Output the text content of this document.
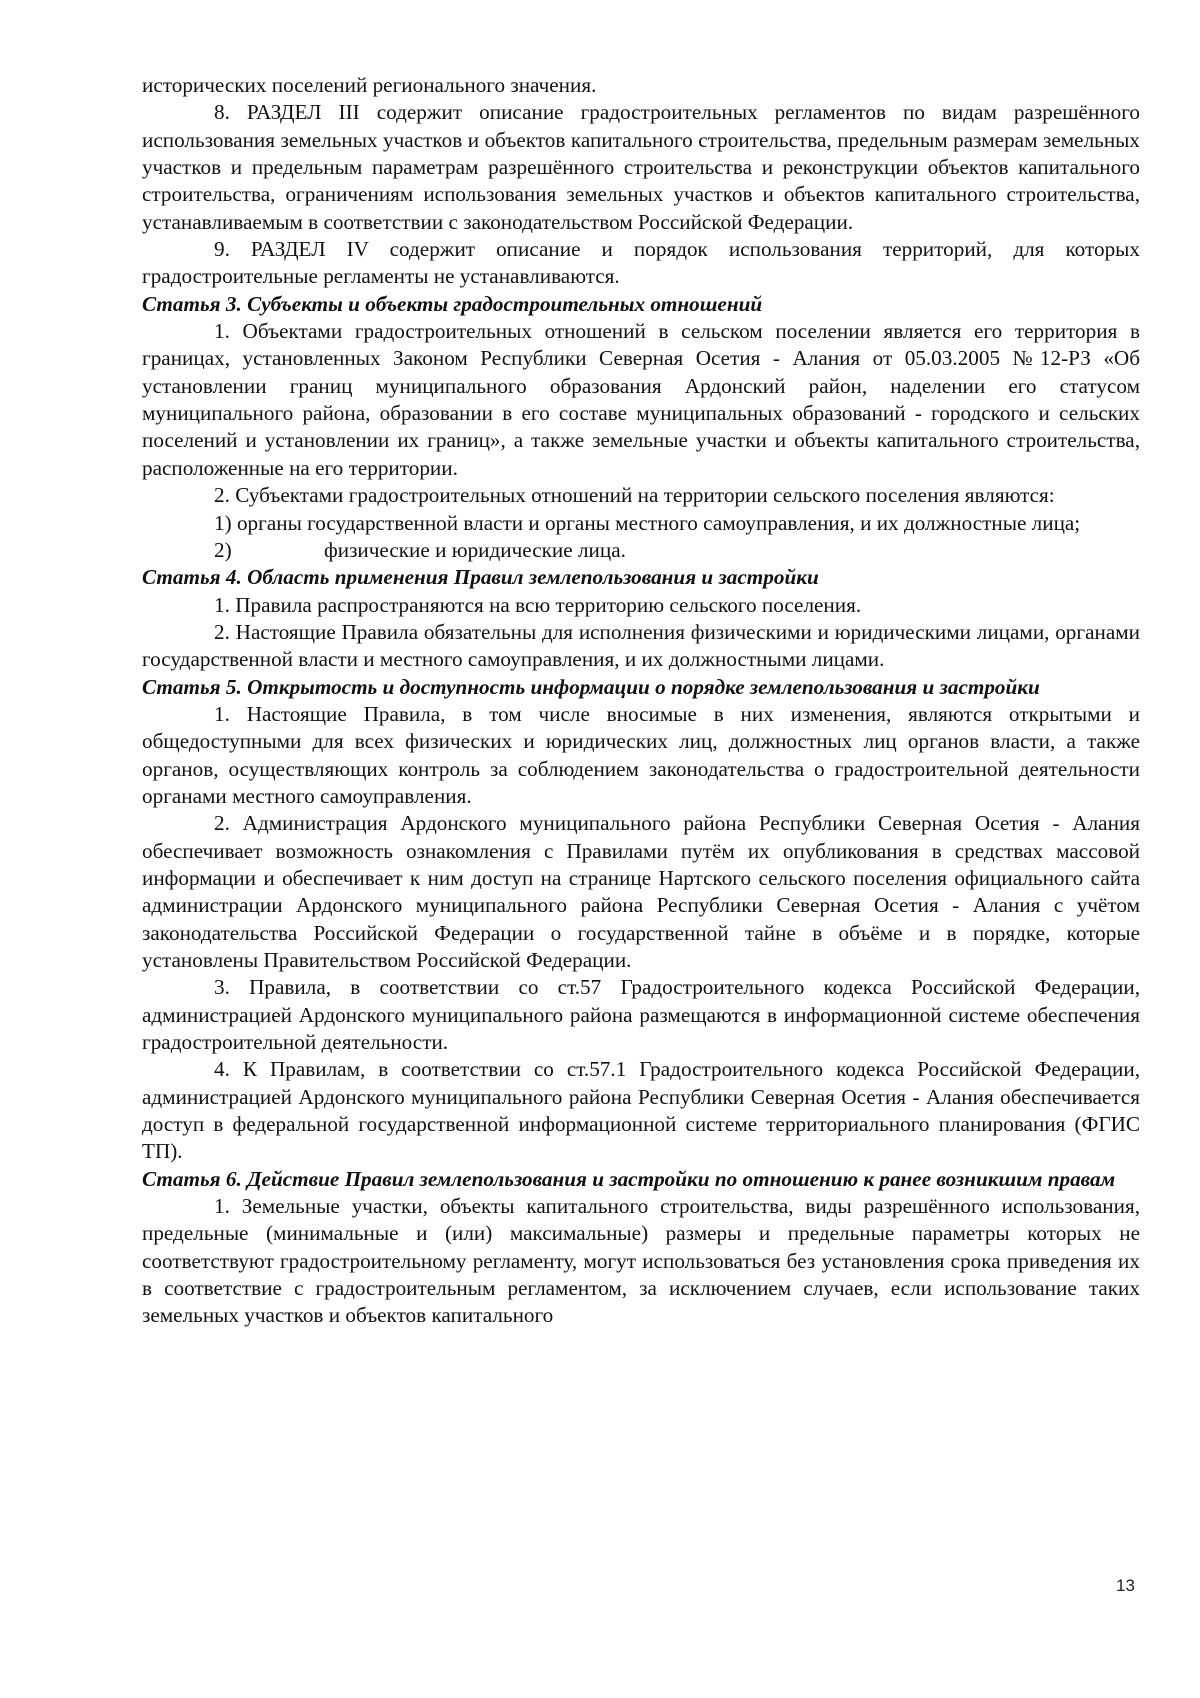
исторических поселений регионального значения.

8. РАЗДЕЛ III содержит описание градостроительных регламентов по видам разрешённого использования земельных участков и объектов капитального строительства, предельным размерам земельных участков и предельным параметрам разрешённого строительства и реконструкции объектов капитального строительства, ограничениям использования земельных участков и объектов капитального строительства, устанавливаемым в соответствии с законодательством Российской Федерации.

9. РАЗДЕЛ IV содержит описание и порядок использования территорий, для которых градостроительные регламенты не устанавливаются.

Статья 3. Субъекты и объекты градостроительных отношений

1. Объектами градостроительных отношений в сельском поселении является его территория в границах, установленных Законом Республики Северная Осетия - Алания от 05.03.2005 №12-РЗ «Об установлении границ муниципального образования Ардонский район, наделении его статусом муниципального района, образовании в его составе муниципальных образований - городского и сельских поселений и установлении их границ», а также земельные участки и объекты капитального строительства, расположенные на его территории.

2. Субъектами градостроительных отношений на территории сельского поселения являются:

1) органы государственной власти и органы местного самоуправления, и их должностные лица;

2)	физические и юридические лица.

Статья 4. Область применения Правил землепользования и застройки

1. Правила распространяются на всю территорию сельского поселения.

2. Настоящие Правила обязательны для исполнения физическими и юридическими лицами, органами государственной власти и местного самоуправления, и их должностными лицами.

Статья 5. Открытость и доступность информации о порядке землепользования и застройки

1. Настоящие Правила, в том числе вносимые в них изменения, являются открытыми и общедоступными для всех физических и юридических лиц, должностных лиц органов власти, а также органов, осуществляющих контроль за соблюдением законодательства о градостроительной деятельности органами местного самоуправления.

2. Администрация Ардонского муниципального района Республики Северная Осетия - Алания обеспечивает возможность ознакомления с Правилами путём их опубликования в средствах массовой информации и обеспечивает к ним доступ на странице Нартского сельского поселения официального сайта администрации Ардонского муниципального района Республики Северная Осетия - Алания с учётом законодательства Российской Федерации о государственной тайне в объёме и в порядке, которые установлены Правительством Российской Федерации.

3. Правила, в соответствии со ст.57 Градостроительного кодекса Российской Федерации, администрацией Ардонского муниципального района размещаются в информационной системе обеспечения градостроительной деятельности.

4. К Правилам, в соответствии со ст.57.1 Градостроительного кодекса Российской Федерации, администрацией Ардонского муниципального района Республики Северная Осетия - Алания обеспечивается доступ в федеральной государственной информационной системе территориального планирования (ФГИС ТП).

Статья 6. Действие Правил землепользования и застройки по отношению к ранее возникшим правам

1. Земельные участки, объекты капитального строительства, виды разрешённого использования, предельные (минимальные и (или) максимальные) размеры и предельные параметры которых не соответствуют градостроительному регламенту, могут использоваться без установления срока приведения их в соответствие с градостроительным регламентом, за исключением случаев, если использование таких земельных участков и объектов капитального

13
